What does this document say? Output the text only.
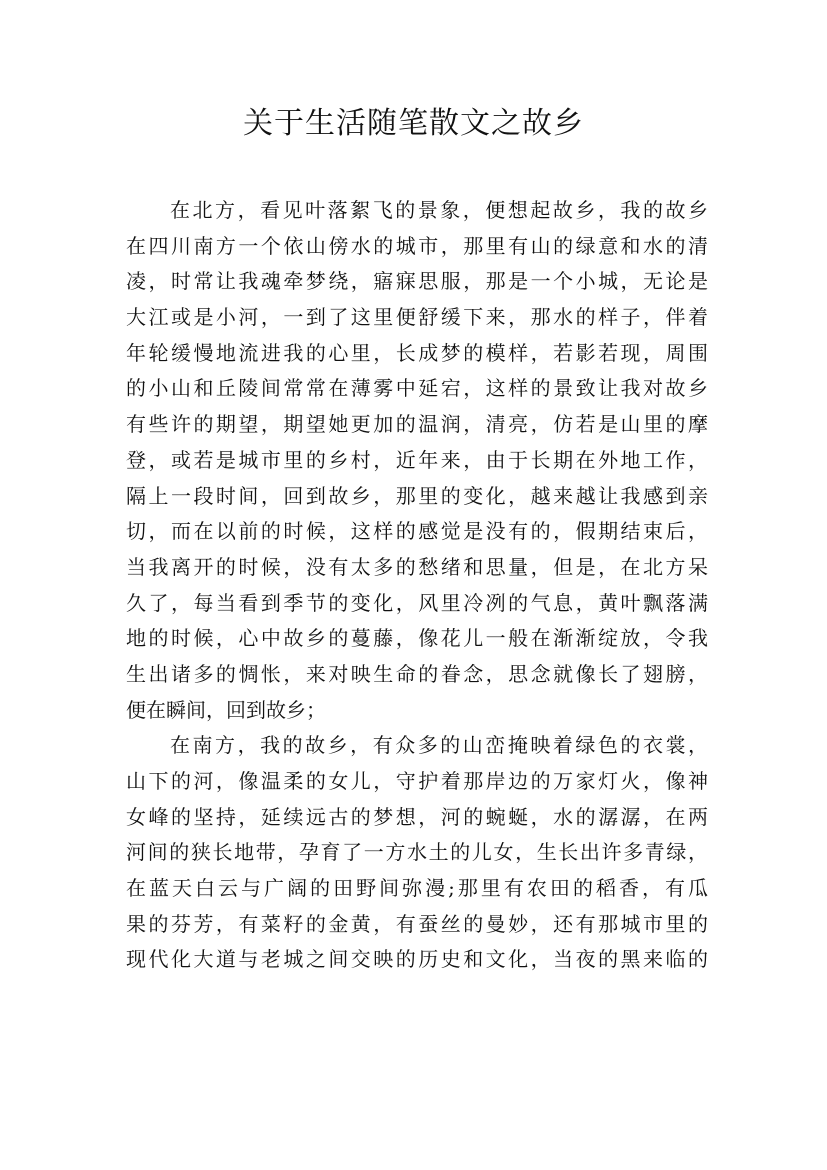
关于生活随笔散文之故乡
在北方，看见叶落絮飞的景象，便想起故乡，我的故乡
在四川南方一个依山傍水的城市，那里有山的绿意和水的清
凌，时常让我魂牵梦绕，寤寐思服，那是一个小城，无论是
大江或是小河，一到了这里便舒缓下来，那水的样子，伴着
年轮缓慢地流进我的心里，长成梦的模样，若影若现，周围
的小山和丘陵间常常在薄雾中延宕，这样的景致让我对故乡
有些许的期望，期望她更加的温润，清亮，仿若是山里的摩
登，或若是城市里的乡村，近年来，由于长期在外地工作，
隔上一段时间，回到故乡，那里的变化，越来越让我感到亲
切，而在以前的时候，这样的感觉是没有的，假期结束后，
当我离开的时候，没有太多的愁绪和思量，但是，在北方呆
久了，每当看到季节的变化，风里冷冽的气息，黄叶飘落满
地的时候，心中故乡的蔓藤，像花儿一般在渐渐绽放，令我
生出诸多的惆怅，来对映生命的眷念，思念就像长了翅膀，
便在瞬间，回到故乡；
在南方，我的故乡，有众多的山峦掩映着绿色的衣裳，
山下的河，像温柔的女儿，守护着那岸边的万家灯火，像神
女峰的坚持，延续远古的梦想，河的蜿蜒，水的潺潺，在两
河间的狭长地带，孕育了一方水土的儿女，生长出许多青绿，
在蓝天白云与广阔的田野间弥漫;那里有农田的稻香，有瓜
果的芬芳，有菜籽的金黄，有蚕丝的曼妙，还有那城市里的
现代化大道与老城之间交映的历史和文化，当夜的黑来临的
